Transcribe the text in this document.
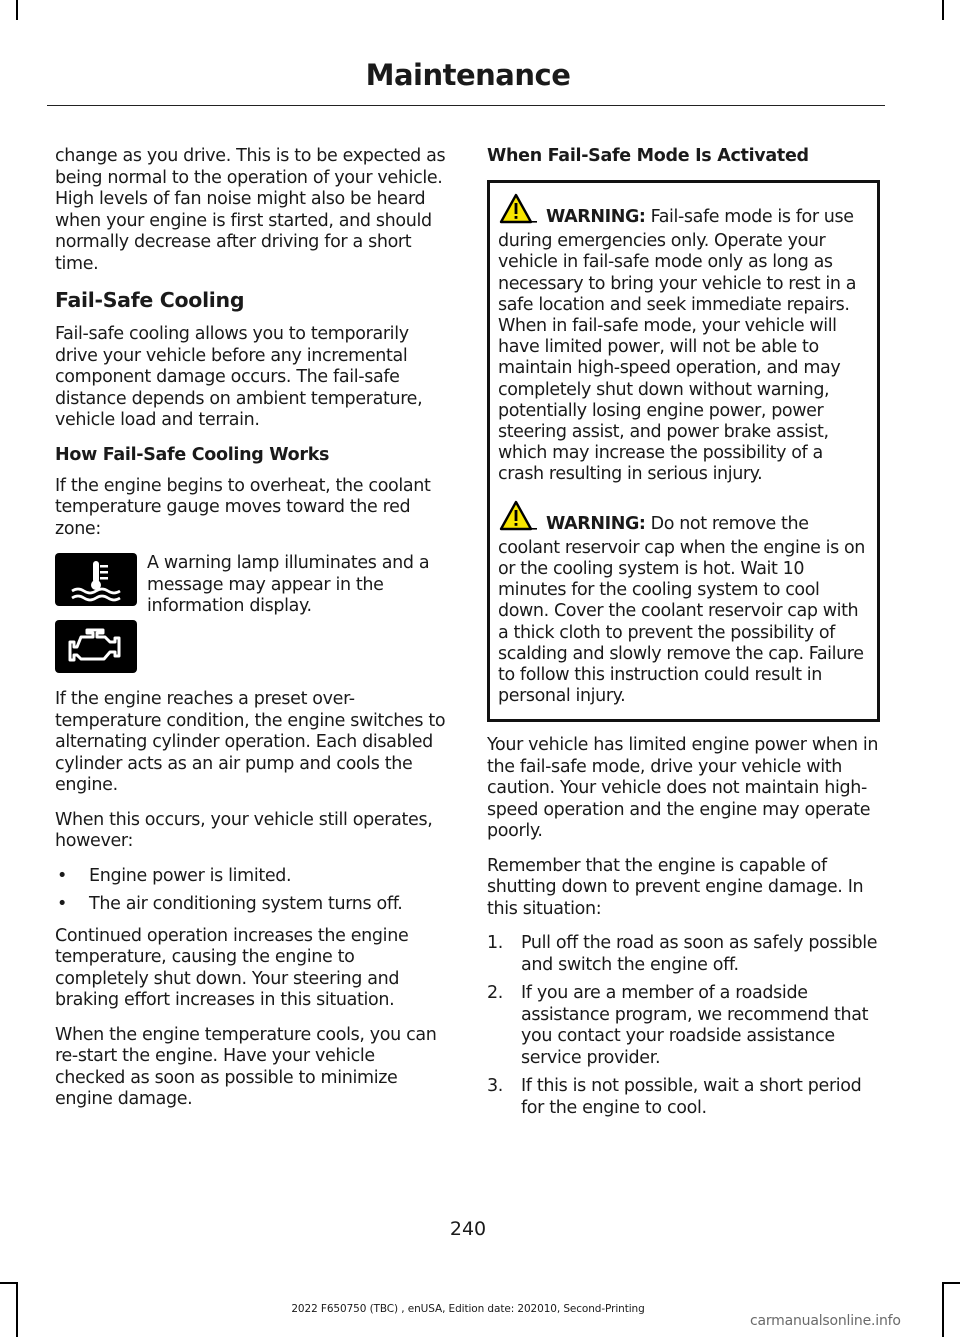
Maintenance

change as you drive. This is to be expected as being normal to the operation of your vehicle. High levels of fan noise might also be heard when your engine is first started, and should normally decrease after driving for a short time.

Fail-Safe Cooling

Fail-safe cooling allows you to temporarily drive your vehicle before any incremental component damage occurs. The fail-safe distance depends on ambient temperature, vehicle load and terrain.

How Fail-Safe Cooling Works

If the engine begins to overheat, the coolant temperature gauge moves toward the red zone:

A warning lamp illuminates and a message may appear in the information display.

If the engine reaches a preset over-temperature condition, the engine switches to alternating cylinder operation. Each disabled cylinder acts as an air pump and cools the engine.

When this occurs, your vehicle still operates, however:

• Engine power is limited.
• The air conditioning system turns off.

Continued operation increases the engine temperature, causing the engine to completely shut down. Your steering and braking effort increases in this situation.

When the engine temperature cools, you can re-start the engine. Have your vehicle checked as soon as possible to minimize engine damage.

When Fail-Safe Mode Is Activated

WARNING: Fail-safe mode is for use during emergencies only. Operate your vehicle in fail-safe mode only as long as necessary to bring your vehicle to rest in a safe location and seek immediate repairs. When in fail-safe mode, your vehicle will have limited power, will not be able to maintain high-speed operation, and may completely shut down without warning, potentially losing engine power, power steering assist, and power brake assist, which may increase the possibility of a crash resulting in serious injury.

WARNING: Do not remove the coolant reservoir cap when the engine is on or the cooling system is hot. Wait 10 minutes for the cooling system to cool down. Cover the coolant reservoir cap with a thick cloth to prevent the possibility of scalding and slowly remove the cap. Failure to follow this instruction could result in personal injury.

Your vehicle has limited engine power when in the fail-safe mode, drive your vehicle with caution. Your vehicle does not maintain high-speed operation and the engine may operate poorly.

Remember that the engine is capable of shutting down to prevent engine damage. In this situation:

1. Pull off the road as soon as safely possible and switch the engine off.
2. If you are a member of a roadside assistance program, we recommend that you contact your roadside assistance service provider.
3. If this is not possible, wait a short period for the engine to cool.
240
2022 F650750 (TBC) , enUSA, Edition date: 202010, Second-Printing
carmanualsonline.info
